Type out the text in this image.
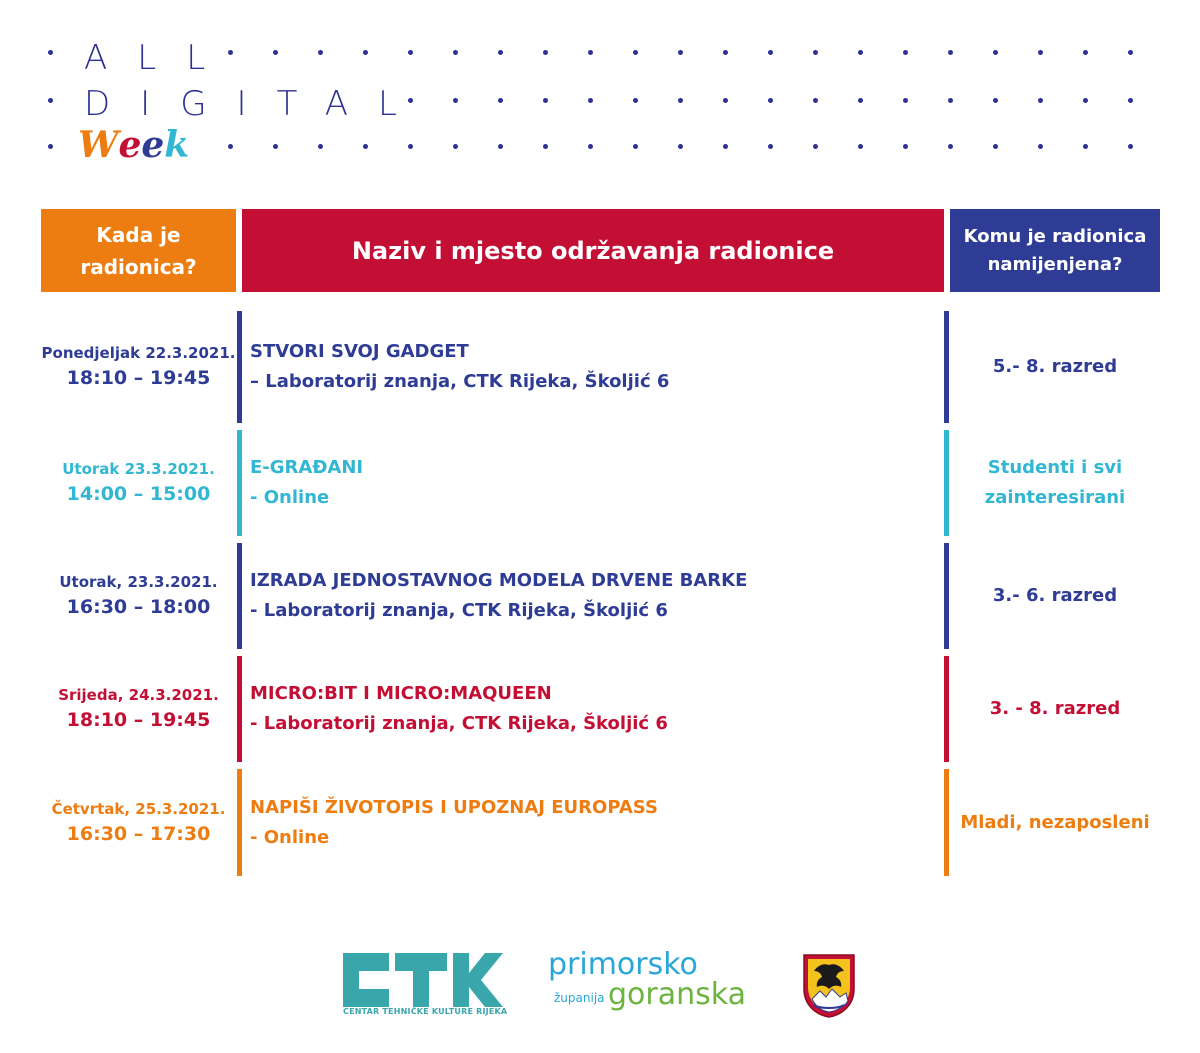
ALL
DIGITAL
Week
Kada je radionica?
Naziv i mjesto održavanja radionice
Komu je radionica namijenjena?
Ponedjeljak 22.3.2021.
18:10 – 19:45
STVORI SVOJ GADGET
– Laboratorij znanja, CTK Rijeka, Školjić 6
5.- 8. razred
Utorak 23.3.2021.
14:00 – 15:00
E-GRAĐANI
- Online
Studenti i svi zainteresirani
Utorak, 23.3.2021.
16:30 – 18:00
IZRADA JEDNOSTAVNOG MODELA DRVENE BARKE
- Laboratorij znanja, CTK Rijeka, Školjić 6
3.- 6. razred
Srijeda, 24.3.2021.
18:10 – 19:45
MICRO:BIT I MICRO:MAQUEEN
- Laboratorij znanja, CTK Rijeka, Školjić 6
3. - 8. razred
Četvrtak, 25.3.2021.
16:30 – 17:30
NAPIŠI ŽIVOTOPIS I UPOZNAJ EUROPASS
- Online
Mladi, nezaposleni
CENTAR TEHNIČKE KULTURE RIJEKA
primorsko
županija goranska
